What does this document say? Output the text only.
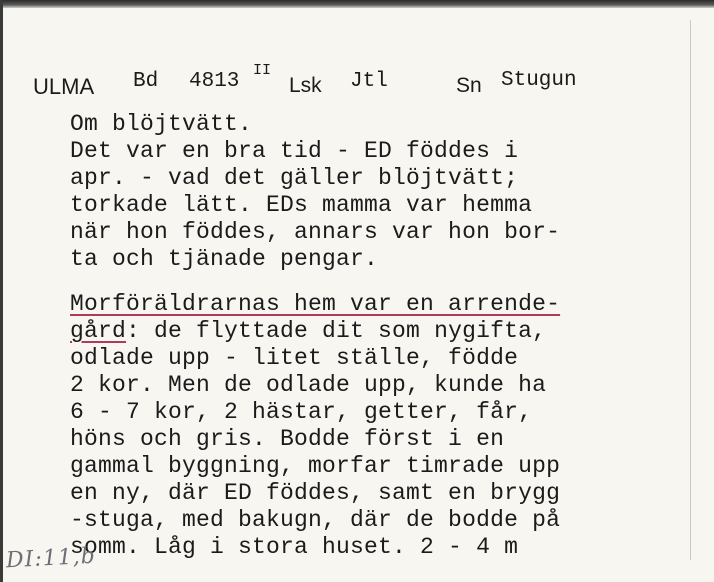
ULMA Bd 4813 II
Lsk Jtl	Sn Stugun
Om blöjtvätt.
Det var en bra tid - ED föddes i
apr. - vad det gäller blöjtvätt;
torkade lätt. EDs mamma var hemma
när hon föddes, annars var hon bor-
ta och tjänade pengar.
Morföräldrarnas hem var en arrende-
gård: de flyttade dit som nygifta,
odlade upp - litet ställe, födde
2 kor. Men de odlade upp, kunde ha
6 - 7 kor, 2 hästar, getter, får,
höns och gris. Bodde först i en
gammal byggning, morfar timrade upp
en ny, där ED föddes, samt en brygg
-stuga, med bakugn, där de bodde på
somm. Låg i stora huset. 2 - 4 m
DI:11,b
